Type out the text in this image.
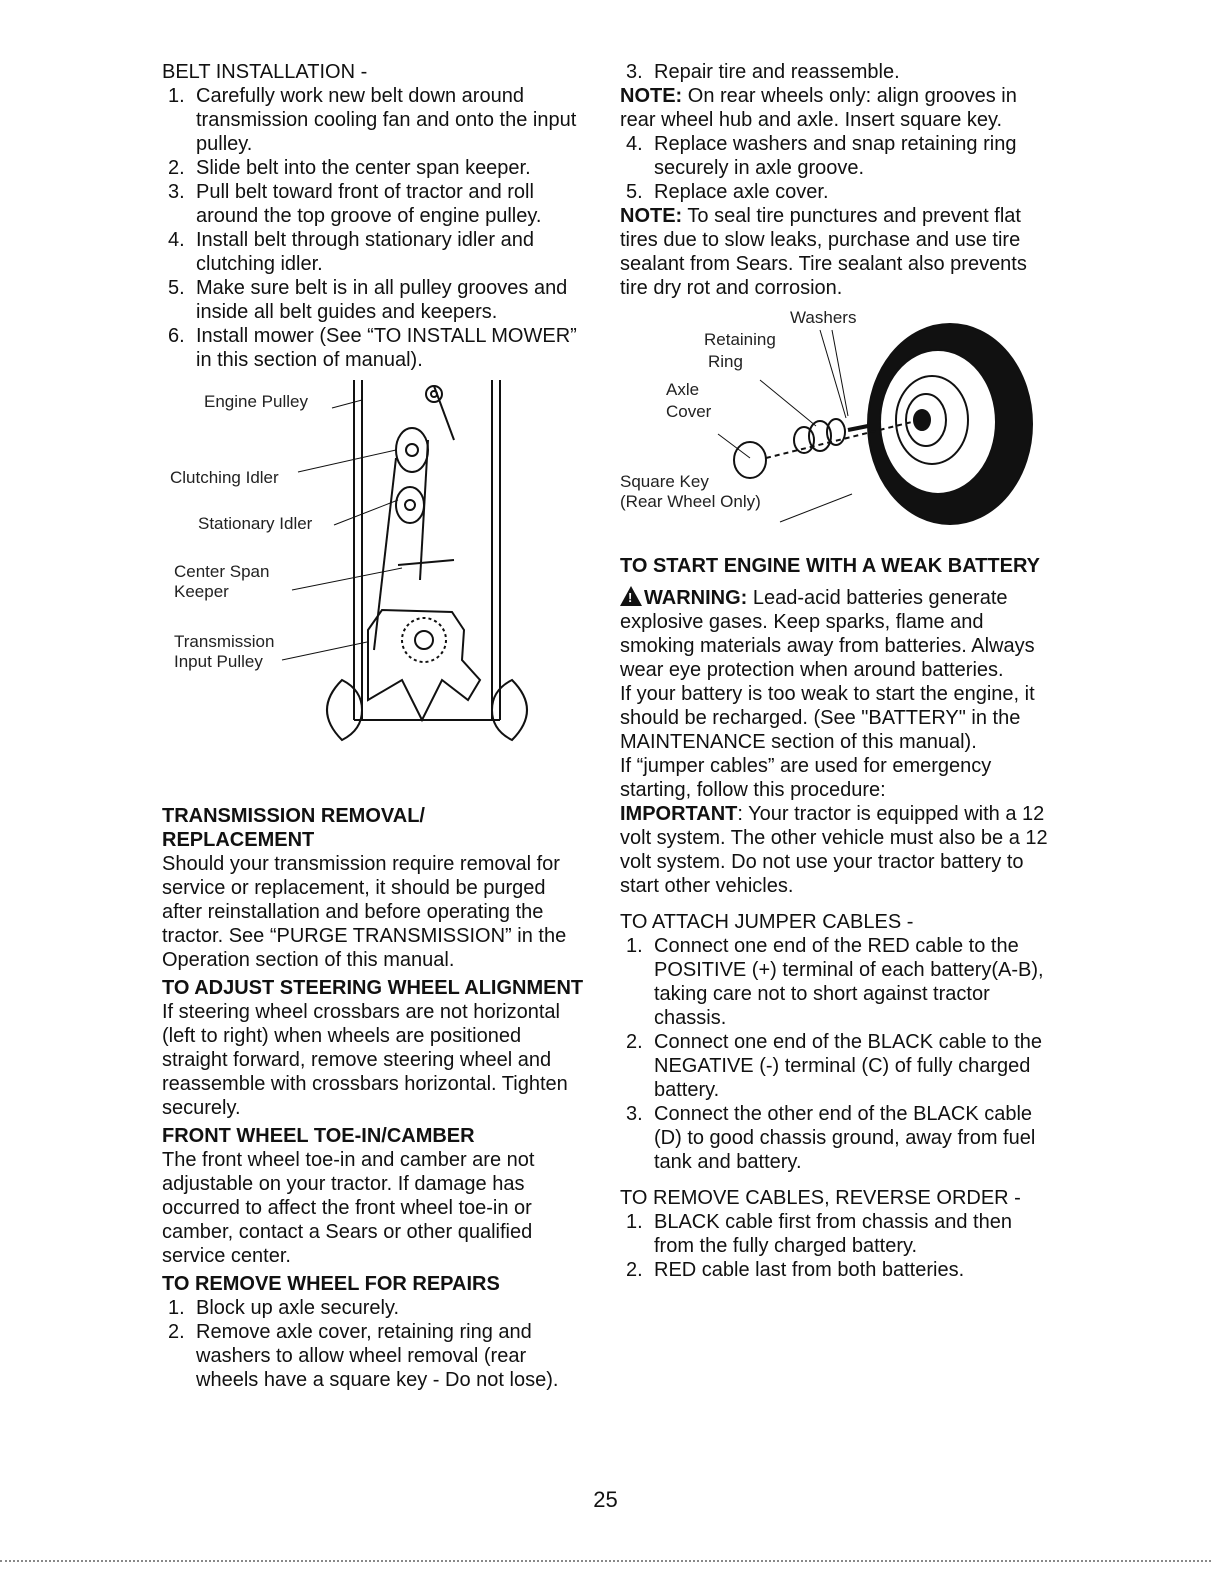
BELT INSTALLATION -

1. Carefully work new belt down around transmission cooling fan and onto the input pulley.
2. Slide belt into the center span keeper.
3. Pull belt toward front of tractor and roll around the top groove of engine pulley.
4. Install belt through stationary idler and clutching idler.
5. Make sure belt is in all pulley grooves and inside all belt guides and keepers.
6. Install mower (See “TO INSTALL MOWER” in this section of manual).
Engine Pulley
Clutching Idler
Stationary Idler
Center Span
Keeper
Transmission
Input Pulley
TRANSMISSION REMOVAL/
REPLACEMENT

Should your transmission require removal for service or replacement, it should be purged after reinstallation and before operating the tractor. See “PURGE TRANSMISSION” in the Operation section of this manual.

TO ADJUST STEERING WHEEL ALIGNMENT

If steering wheel crossbars are not horizontal (left to right) when wheels are positioned straight forward, remove steering wheel and reassemble with crossbars horizontal. Tighten securely.

FRONT WHEEL TOE-IN/CAMBER

The front wheel toe-in and camber are not adjustable on your tractor. If damage has occurred to affect the front wheel toe-in or camber, contact a Sears or other qualified service center.

TO REMOVE WHEEL FOR REPAIRS
1. Block up axle securely.
2. Remove axle cover, retaining ring and washers to allow wheel removal (rear wheels have a square key - Do not lose).
3. Repair tire and reassemble.

NOTE: On rear wheels only: align grooves in rear wheel hub and axle. Insert square key.

4. Replace washers and snap retaining ring securely in axle groove.
5. Replace axle cover.

NOTE: To seal tire punctures and prevent flat tires due to slow leaks, purchase and use tire sealant from Sears. Tire sealant also prevents tire dry rot and corrosion.

Washers
Retaining
Ring
Axle
Cover
Square Key
(Rear Wheel Only)
TO START ENGINE WITH A WEAK BATTERY

! WARNING: Lead-acid batteries generate explosive gases. Keep sparks, flame and smoking materials away from batteries. Always wear eye protection when around batteries.

If your battery is too weak to start the engine, it should be recharged. (See "BATTERY" in the MAINTENANCE section of this manual).

If “jumper cables” are used for emergency starting, follow this procedure:

IMPORTANT: Your tractor is equipped with a 12 volt system. The other vehicle must also be a 12 volt system. Do not use your tractor battery to start other vehicles.

TO ATTACH JUMPER CABLES -

1. Connect one end of the RED cable to the POSITIVE (+) terminal of each battery(A-B), taking care not to short against tractor chassis.
2. Connect one end of the BLACK cable to the NEGATIVE (-) terminal (C) of fully charged battery.
3. Connect the other end of the BLACK cable (D) to good chassis ground, away from fuel tank and battery.

TO REMOVE CABLES, REVERSE ORDER -

1. BLACK cable first from chassis and then from the fully charged battery.
2. RED cable last from both batteries.
25
